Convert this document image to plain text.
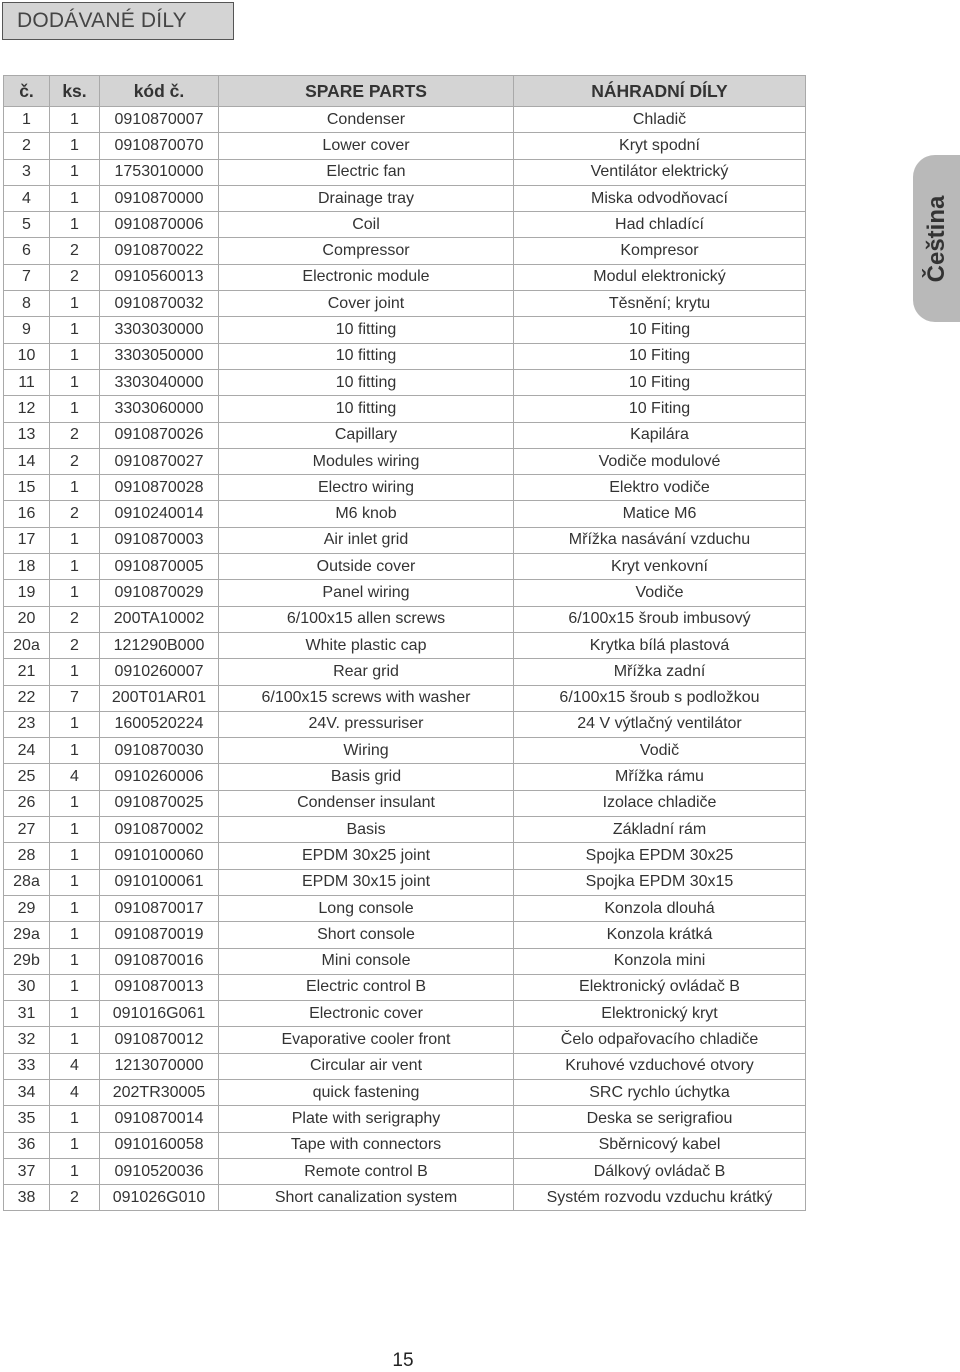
DODÁVANÉ DÍLY
Čeština
č.	ks.	kód č.	SPARE PARTS	NÁHRADNÍ DÍLY
1	1	0910870007	Condenser	Chladič
2	1	0910870070	Lower cover	Kryt spodní
3	1	1753010000	Electric fan	Ventilátor elektrický
4	1	0910870000	Drainage tray	Miska odvodňovací
5	1	0910870006	Coil	Had chladící
6	2	0910870022	Compressor	Kompresor
7	2	0910560013	Electronic module	Modul elektronický
8	1	0910870032	Cover joint	Těsnění; krytu
9	1	3303030000	10 fitting	10 Fiting
10	1	3303050000	10 fitting	10 Fiting
11	1	3303040000	10 fitting	10 Fiting
12	1	3303060000	10 fitting	10 Fiting
13	2	0910870026	Capillary	Kapilára
14	2	0910870027	Modules wiring	Vodiče modulové
15	1	0910870028	Electro wiring	Elektro vodiče
16	2	0910240014	M6 knob	Matice M6
17	1	0910870003	Air inlet grid	Mřížka nasávání vzduchu
18	1	0910870005	Outside cover	Kryt venkovní
19	1	0910870029	Panel wiring	Vodiče
20	2	200TA10002	6/100x15 allen screws	6/100x15 šroub imbusový
20a	2	121290B000	White plastic cap	Krytka bílá plastová
21	1	0910260007	Rear grid	Mřížka zadní
22	7	200T01AR01	6/100x15 screws with washer	6/100x15 šroub s podložkou
23	1	1600520224	24V. pressuriser	24 V výtlačný ventilátor
24	1	0910870030	Wiring	Vodič
25	4	0910260006	Basis grid	Mřížka rámu
26	1	0910870025	Condenser insulant	Izolace chladiče
27	1	0910870002	Basis	Základní rám
28	1	0910100060	EPDM 30x25 joint	Spojka EPDM 30x25
28a	1	0910100061	EPDM 30x15 joint	Spojka EPDM 30x15
29	1	0910870017	Long console	Konzola dlouhá
29a	1	0910870019	Short console	Konzola krátká
29b	1	0910870016	Mini console	Konzola mini
30	1	0910870013	Electric control B	Elektronický ovládač B
31	1	091016G061	Electronic cover	Elektronický kryt
32	1	0910870012	Evaporative cooler front	Čelo odpařovacího chladiče
33	4	1213070000	Circular air vent	Kruhové vzduchové otvory
34	4	202TR30005	quick fastening	SRC rychlo úchytka
35	1	0910870014	Plate with serigraphy	Deska se serigrafiou
36	1	0910160058	Tape with connectors	Sběrnicový kabel
37	1	0910520036	Remote control B	Dálkový ovládač B
38	2	091026G010	Short canalization system	Systém rozvodu vzduchu krátký
15
